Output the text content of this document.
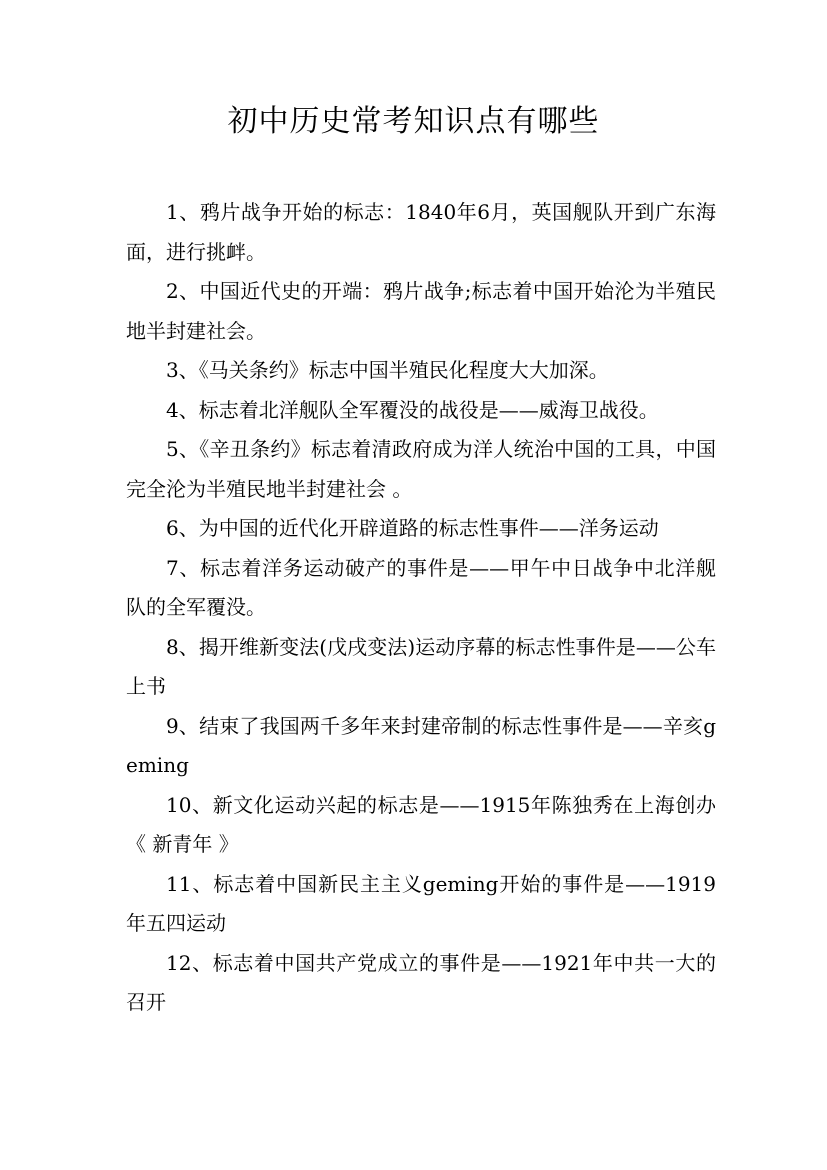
初中历史常考知识点有哪些

1、鸦片战争开始的标志：1840年6月，英国舰队开到广东海面，进行挑衅。

2、中国近代史的开端：鸦片战争;标志着中国开始沦为半殖民地半封建社会。

3、《马关条约》标志中国半殖民化程度大大加深。

4、标志着北洋舰队全军覆没的战役是——威海卫战役。

5、《辛丑条约》标志着清政府成为洋人统治中国的工具，中国完全沦为半殖民地半封建社会 。

6、为中国的近代化开辟道路的标志性事件——洋务运动

7、标志着洋务运动破产的事件是——甲午中日战争中北洋舰队的全军覆没。

8、揭开维新变法(戊戌变法)运动序幕的标志性事件是——公车上书

9、结束了我国两千多年来封建帝制的标志性事件是——辛亥geming

10、新文化运动兴起的标志是——1915年陈独秀在上海创办《 新青年 》

11、标志着中国新民主主义geming开始的事件是——1919年五四运动

12、标志着中国共产党成立的事件是——1921年中共一大的召开
